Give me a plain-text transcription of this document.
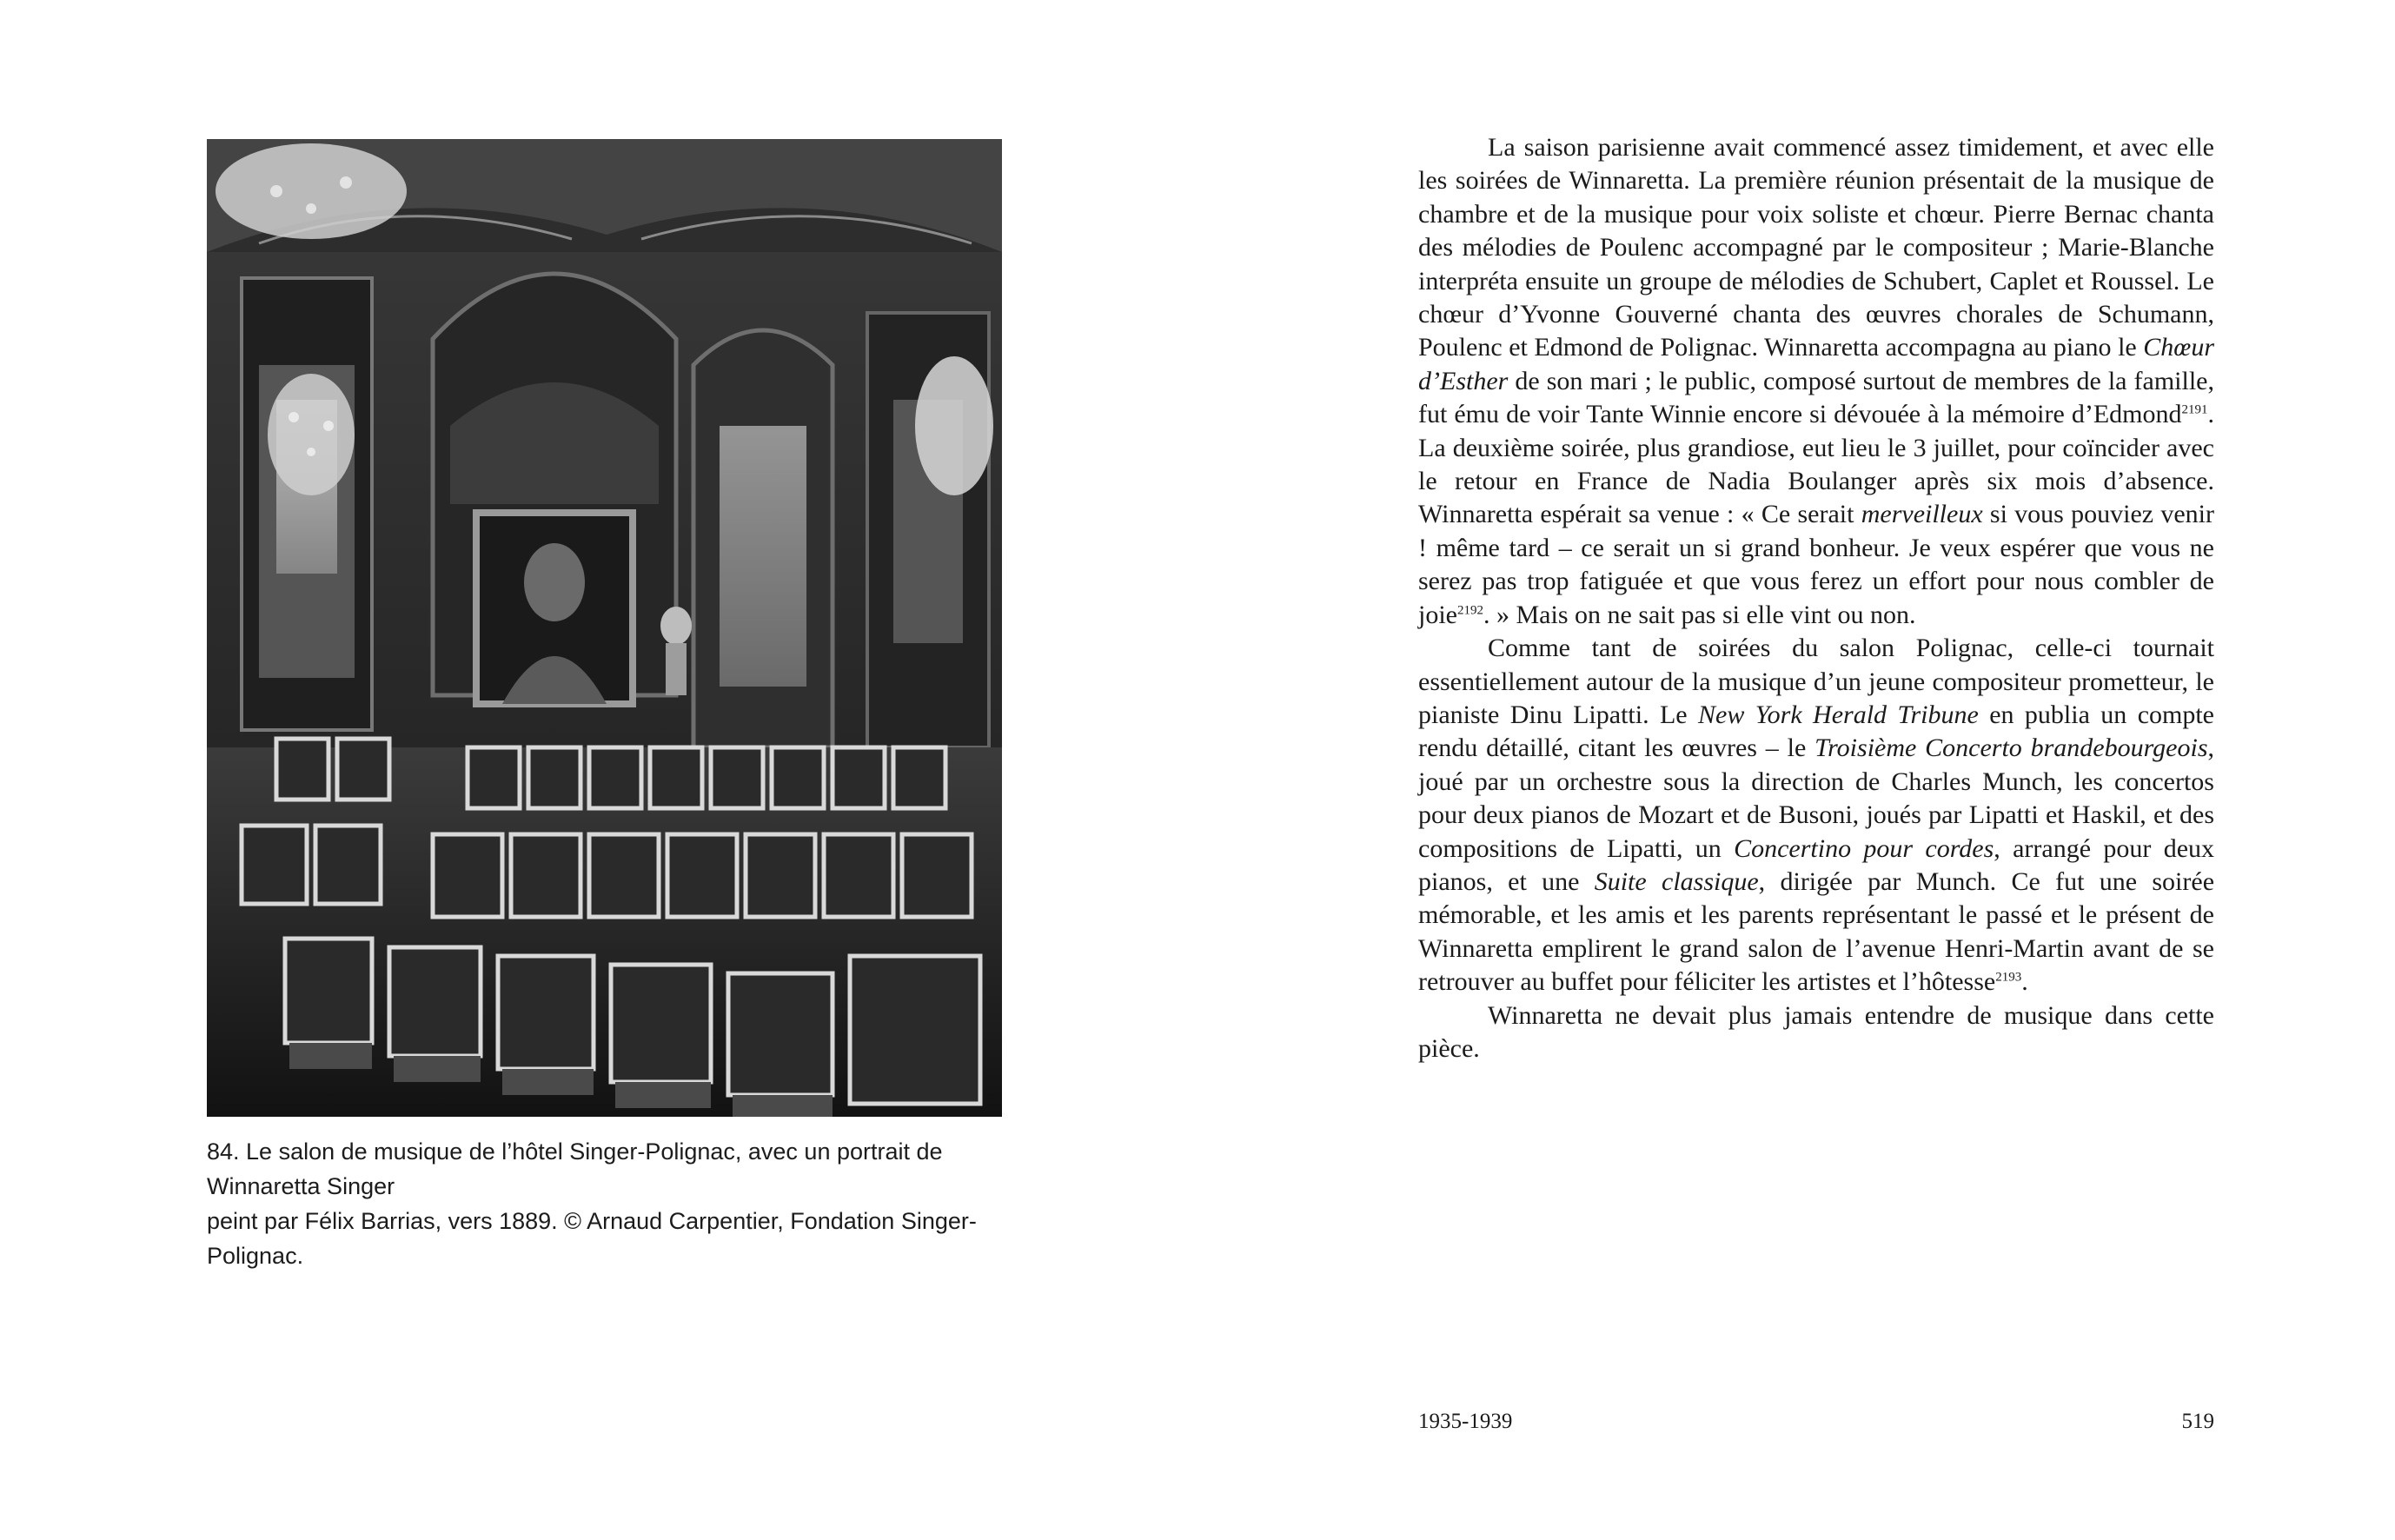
84. Le salon de musique de l’hôtel Singer-Polignac, avec un portrait de Winnaretta Singer

peint par Félix Barrias, vers 1889. © Arnaud Carpentier, Fondation Singer-Polignac.

La saison parisienne avait commencé assez timidement, et avec elle les soirées de Winnaretta. La première réunion présentait de la musique de chambre et de la musique pour voix soliste et chœur. Pierre Bernac chanta des mélodies de Poulenc accompagné par le compositeur ; Marie-Blanche interpréta ensuite un groupe de mélodies de Schubert, Caplet et Roussel. Le chœur d’Yvonne Gouverné chanta des œuvres chorales de Schumann, Poulenc et Edmond de Polignac. Winnaretta accompagna au piano le Chœur d’Esther de son mari ; le public, composé surtout de membres de la famille, fut ému de voir Tante Winnie encore si dévouée à la mémoire d’Edmond$^{2191}$. La deuxième soirée, plus grandiose, eut lieu le 3 juillet, pour coïncider avec le retour en France de Nadia Boulanger après six mois d’absence. Winnaretta espérait sa venue : « Ce serait merveilleux si vous pouviez venir ! même tard – ce serait un si grand bonheur. Je veux espérer que vous ne serez pas trop fatiguée et que vous ferez un effort pour nous combler de joie$^{2192}$. » Mais on ne sait pas si elle vint ou non.

Comme tant de soirées du salon Polignac, celle-ci tournait essentiellement autour de la musique d’un jeune compositeur prometteur, le pianiste Dinu Lipatti. Le New York Herald Tribune en publia un compte rendu détaillé, citant les œuvres – le Troisième Concerto brandebourgeois, joué par un orchestre sous la direction de Charles Munch, les concertos pour deux pianos de Mozart et de Busoni, joués par Lipatti et Haskil, et des compositions de Lipatti, un Concertino pour cordes, arrangé pour deux pianos, et une Suite classique, dirigée par Munch. Ce fut une soirée mémorable, et les amis et les parents représentant le passé et le présent de Winnaretta emplirent le grand salon de l’avenue Henri-Martin avant de se retrouver au buffet pour féliciter les artistes et l’hôtesse$^{2193}$.

Winnaretta ne devait plus jamais entendre de musique dans cette pièce.

1935-1939	519
